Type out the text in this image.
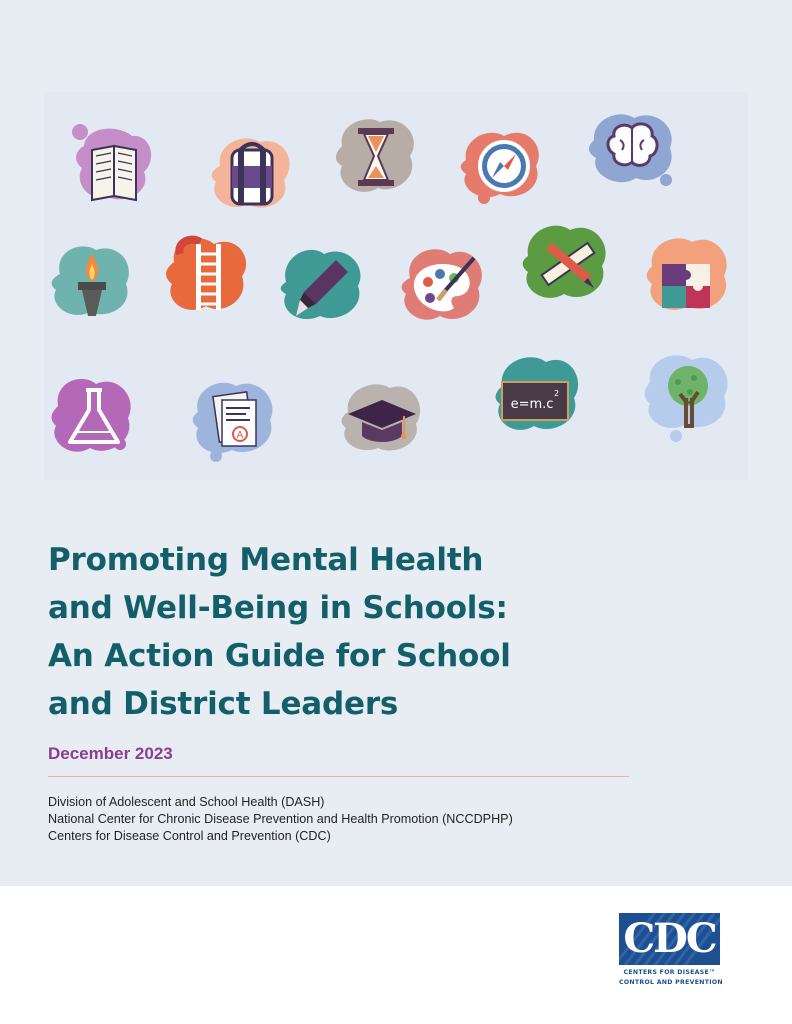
A
e=m.c
2
Promoting Mental Health
and Well-Being in Schools:
An Action Guide for School
and District Leaders

December 2023

Division of Adolescent and School Health (DASH)
National Center for Chronic Disease Prevention and Health Promotion (NCCDPHP)
Centers for Disease Control and Prevention (CDC)

CDC
CENTERS FOR DISEASE™
CONTROL AND PREVENTION
